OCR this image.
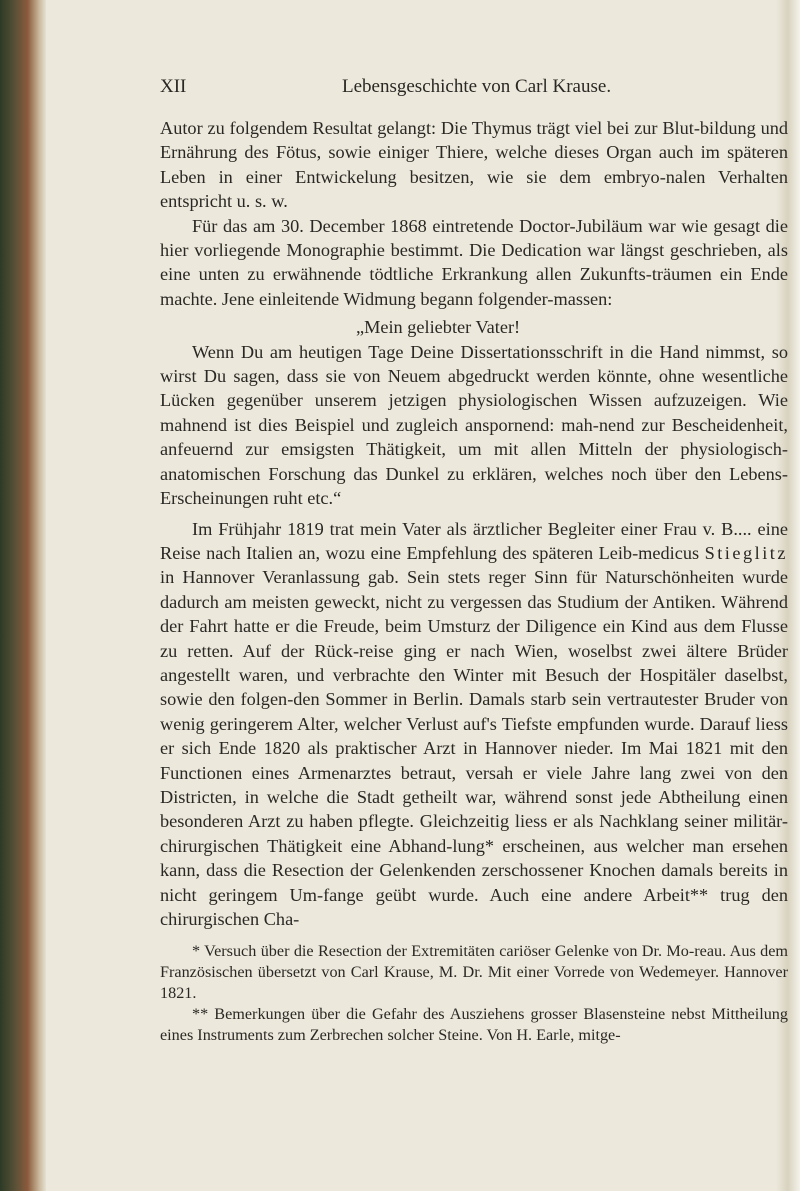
XII	Lebensgeschichte von Carl Krause.

Autor zu folgendem Resultat gelangt: Die Thymus trägt viel bei zur Blut-bildung und Ernährung des Fötus, sowie einiger Thiere, welche dieses Organ auch im späteren Leben in einer Entwickelung besitzen, wie sie dem embryo-nalen Verhalten entspricht u. s. w.

Für das am 30. December 1868 eintretende Doctor-Jubiläum war wie gesagt die hier vorliegende Monographie bestimmt. Die Dedication war längst geschrieben, als eine unten zu erwähnende tödtliche Erkrankung allen Zukunfts-träumen ein Ende machte. Jene einleitende Widmung begann folgender-massen:

„Mein geliebter Vater!

Wenn Du am heutigen Tage Deine Dissertationsschrift in die Hand nimmst, so wirst Du sagen, dass sie von Neuem abgedruckt werden könnte, ohne wesentliche Lücken gegenüber unserem jetzigen physiologischen Wissen aufzuzeigen. Wie mahnend ist dies Beispiel und zugleich anspornend: mah-nend zur Bescheidenheit, anfeuernd zur emsigsten Thätigkeit, um mit allen Mitteln der physiologisch-anatomischen Forschung das Dunkel zu erklären, welches noch über den Lebens-Erscheinungen ruht etc.“

Im Frühjahr 1819 trat mein Vater als ärztlicher Begleiter einer Frau v. B.... eine Reise nach Italien an, wozu eine Empfehlung des späteren Leib-medicus Stieglitz in Hannover Veranlassung gab. Sein stets reger Sinn für Naturschönheiten wurde dadurch am meisten geweckt, nicht zu vergessen das Studium der Antiken. Während der Fahrt hatte er die Freude, beim Umsturz der Diligence ein Kind aus dem Flusse zu retten. Auf der Rück-reise ging er nach Wien, woselbst zwei ältere Brüder angestellt waren, und verbrachte den Winter mit Besuch der Hospitäler daselbst, sowie den folgen-den Sommer in Berlin. Damals starb sein vertrautester Bruder von wenig geringerem Alter, welcher Verlust auf's Tiefste empfunden wurde. Darauf liess er sich Ende 1820 als praktischer Arzt in Hannover nieder. Im Mai 1821 mit den Functionen eines Armenarztes betraut, versah er viele Jahre lang zwei von den Districten, in welche die Stadt getheilt war, während sonst jede Abtheilung einen besonderen Arzt zu haben pflegte. Gleichzeitig liess er als Nachklang seiner militär-chirurgischen Thätigkeit eine Abhand-lung* erscheinen, aus welcher man ersehen kann, dass die Resection der Gelenkenden zerschossener Knochen damals bereits in nicht geringem Um-fange geübt wurde. Auch eine andere Arbeit** trug den chirurgischen Cha-

* Versuch über die Resection der Extremitäten cariöser Gelenke von Dr. Mo-reau. Aus dem Französischen übersetzt von Carl Krause, M. Dr. Mit einer Vorrede von Wedemeyer. Hannover 1821.

** Bemerkungen über die Gefahr des Ausziehens grosser Blasensteine nebst Mittheilung eines Instruments zum Zerbrechen solcher Steine. Von H. Earle, mitge-
